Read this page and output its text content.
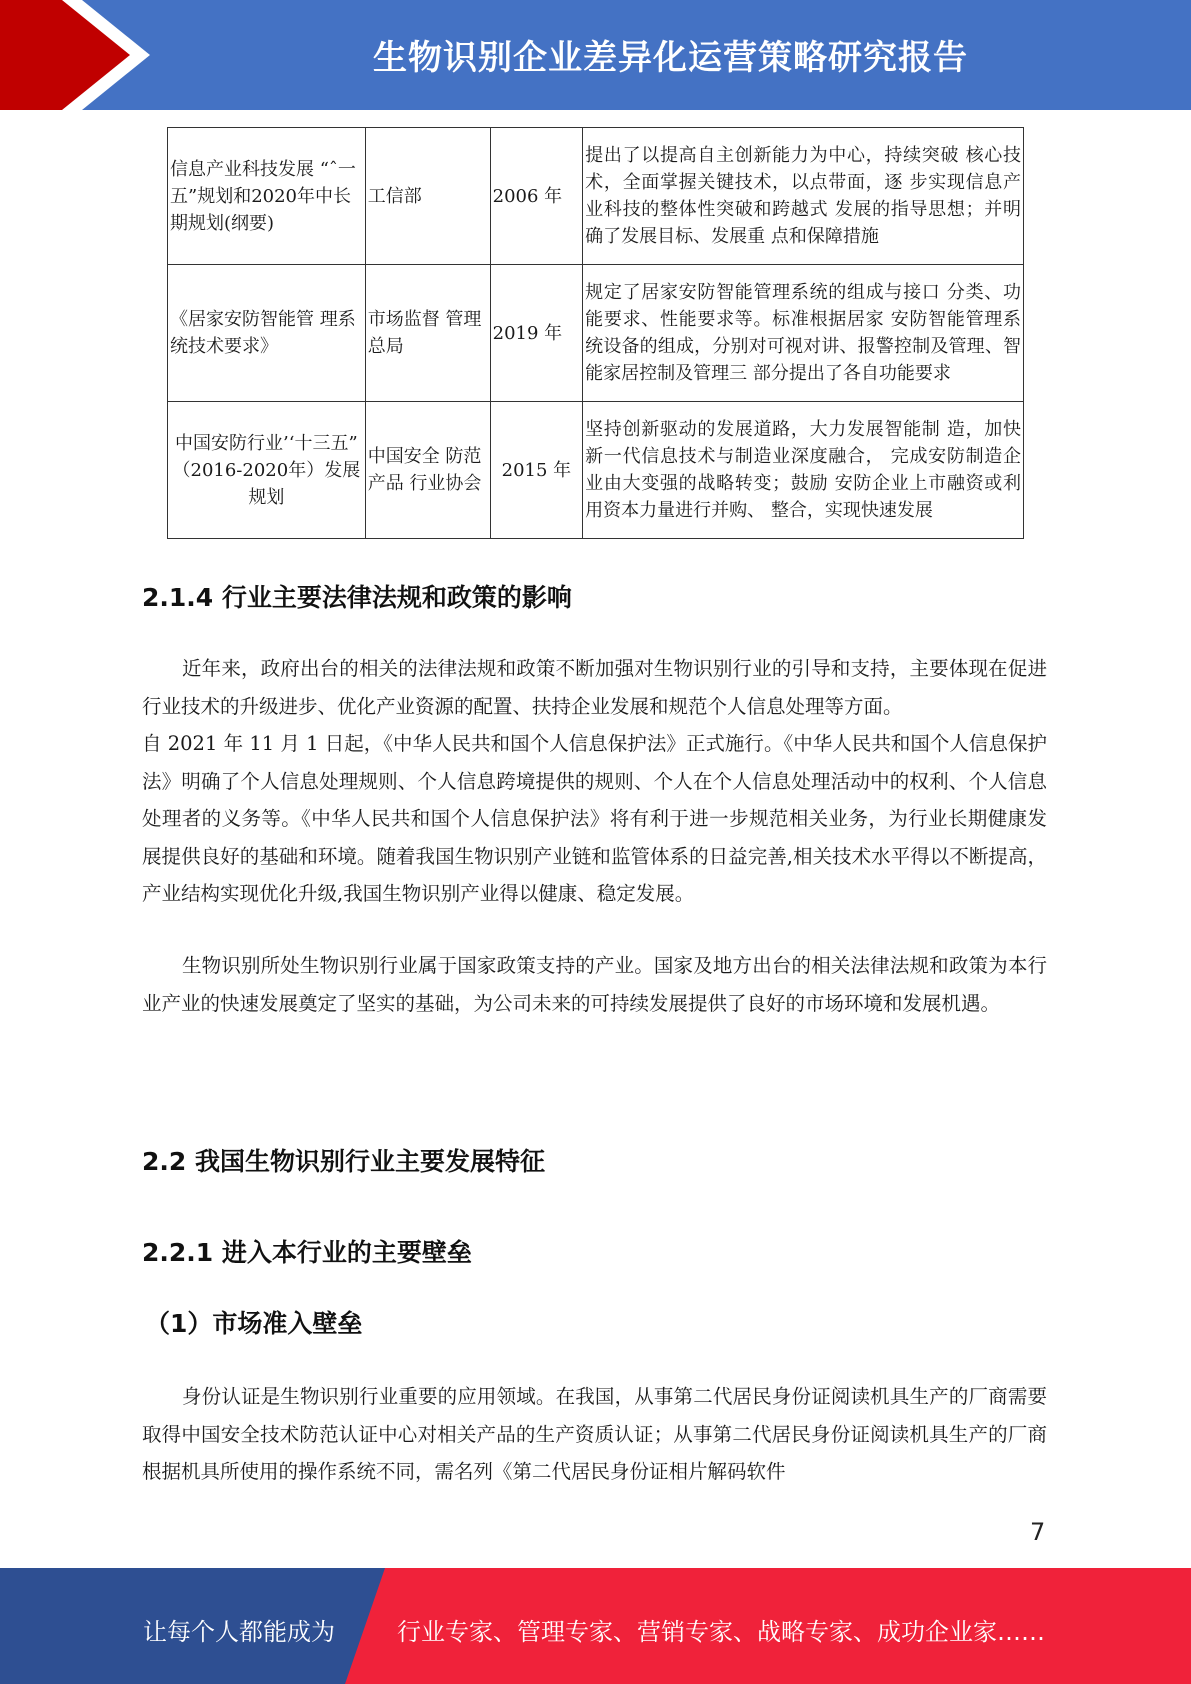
生物识别企业差异化运营策略研究报告
信息产业科技发展 “ˆ一五”规划和2020年中长期规划(纲要)	工信部	2006 年	提出了以提高自主创新能力为中心，持续突破 核心技术，全面掌握关键技术，以点带面，逐 步实现信息产业科技的整体性突破和跨越式 发展的指导思想；并明确了发展目标、发展重 点和保障措施
《居家安防智能管 理系统技术要求》	市场监督 管理总局	2019 年	规定了居家安防智能管理系统的组成与接口 分类、功能要求、性能要求等。标准根据居家 安防智能管理系统设备的组成，分别对可视对讲、报警控制及管理、智能家居控制及管理三 部分提出了各自功能要求
中国安防行业’‘十三五” （2016-2020年）发展规划	中国安全 防范产品 行业协会	2015 年	坚持创新驱动的发展道路，大力发展智能制 造，加快新一代信息技术与制造业深度融合， 完成安防制造企业由大变强的战略转变；鼓励 安防企业上市融资或利用资本力量进行并购、 整合，实现快速发展
2.1.4 行业主要法律法规和政策的影响
近年来，政府出台的相关的法律法规和政策不断加强对生物识别行业的引导和支持，主要体现在促进行业技术的升级进步、优化产业资源的配置、扶持企业发展和规范个人信息处理等方面。
自 2021 年 11 月 1 日起，《中华人民共和国个人信息保护法》正式施行。《中华人民共和国个人信息保护法》明确了个人信息处理规则、个人信息跨境提供的规则、个人在个人信息处理活动中的权利、个人信息处理者的义务等。《中华人民共和国个人信息保护法》将有利于进一步规范相关业务，为行业长期健康发展提供良好的基础和环境。随着我国生物识别产业链和监管体系的日益完善,相关技术水平得以不断提高，产业结构实现优化升级,我国生物识别产业得以健康、稳定发展。
生物识别所处生物识别行业属于国家政策支持的产业。国家及地方出台的相关法律法规和政策为本行业产业的快速发展奠定了坚实的基础，为公司未来的可持续发展提供了良好的市场环境和发展机遇。
2.2 我国生物识别行业主要发展特征
2.2.1 进入本行业的主要壁垒
（1）市场准入壁垒
身份认证是生物识别行业重要的应用领域。在我国，从事第二代居民身份证阅读机具生产的厂商需要取得中国安全技术防范认证中心对相关产品的生产资质认证；从事第二代居民身份证阅读机具生产的厂商根据机具所使用的操作系统不同，需名列《第二代居民身份证相片解码软件
7
让每个人都能成为	行业专家、管理专家、营销专家、战略专家、成功企业家……
